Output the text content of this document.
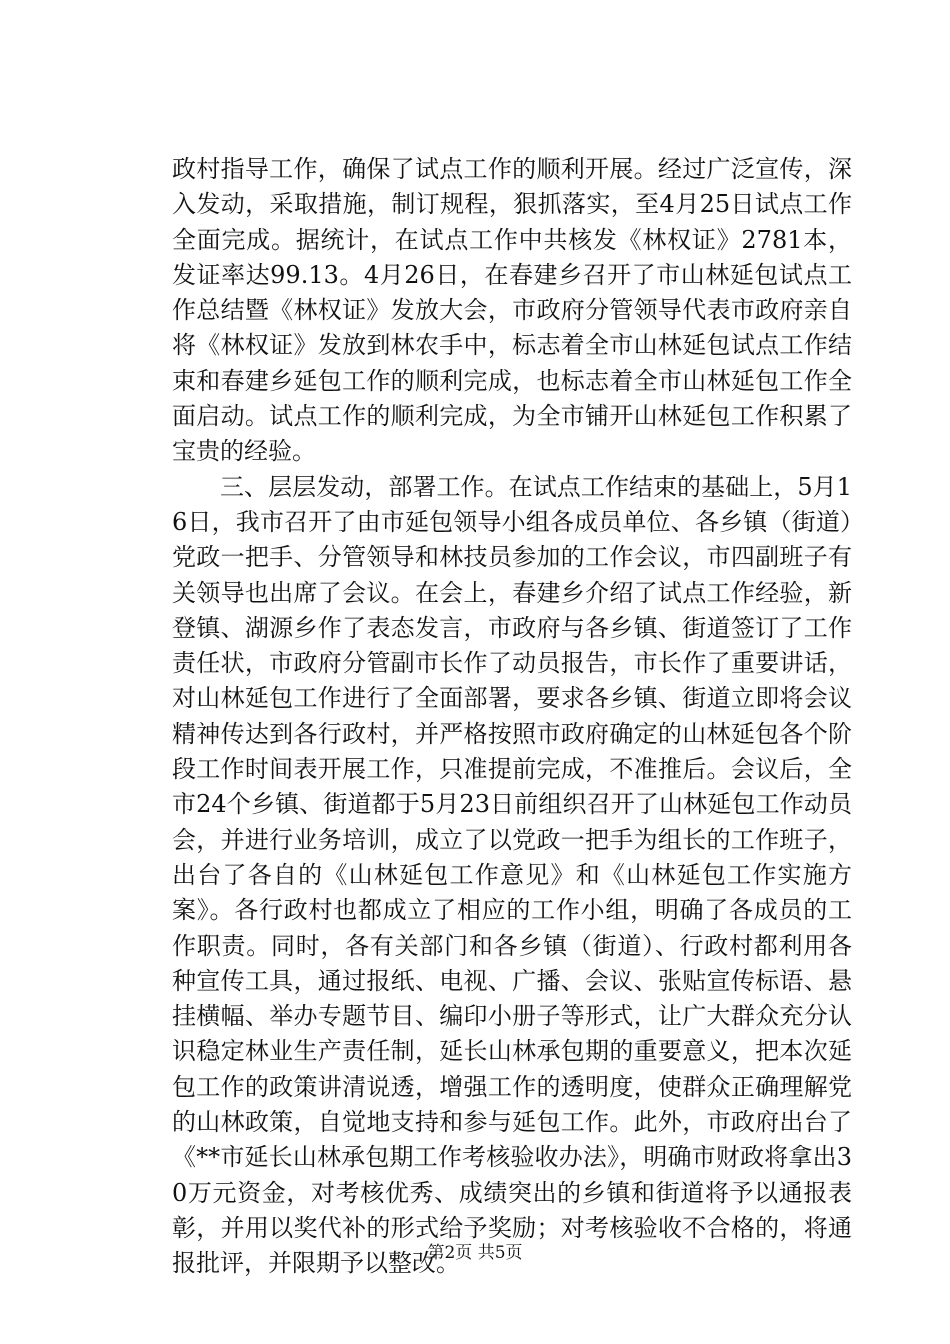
政村指导工作，确保了试点工作的顺利开展。经过广泛宣传，深入发动，采取措施，制订规程，狠抓落实，至4月25日试点工作全面完成。据统计，在试点工作中共核发《林权证》2781本，发证率达99.13。4月26日，在春建乡召开了市山林延包试点工作总结暨《林权证》发放大会，市政府分管领导代表市政府亲自将《林权证》发放到林农手中，标志着全市山林延包试点工作结束和春建乡延包工作的顺利完成，也标志着全市山林延包工作全面启动。试点工作的顺利完成，为全市铺开山林延包工作积累了宝贵的经验。

三、层层发动，部署工作。在试点工作结束的基础上，5月16日，我市召开了由市延包领导小组各成员单位、各乡镇（街道）党政一把手、分管领导和林技员参加的工作会议，市四副班子有关领导也出席了会议。在会上，春建乡介绍了试点工作经验，新登镇、湖源乡作了表态发言，市政府与各乡镇、街道签订了工作责任状，市政府分管副市长作了动员报告，市长作了重要讲话，对山林延包工作进行了全面部署，要求各乡镇、街道立即将会议精神传达到各行政村，并严格按照市政府确定的山林延包各个阶段工作时间表开展工作，只准提前完成，不准推后。会议后，全市24个乡镇、街道都于5月23日前组织召开了山林延包工作动员会，并进行业务培训，成立了以党政一把手为组长的工作班子，出台了各自的《山林延包工作意见》和《山林延包工作实施方案》。各行政村也都成立了相应的工作小组，明确了各成员的工作职责。同时，各有关部门和各乡镇（街道）、行政村都利用各种宣传工具，通过报纸、电视、广播、会议、张贴宣传标语、悬挂横幅、举办专题节目、编印小册子等形式，让广大群众充分认识稳定林业生产责任制，延长山林承包期的重要意义，把本次延包工作的政策讲清说透，增强工作的透明度，使群众正确理解党的山林政策，自觉地支持和参与延包工作。此外，市政府出台了《**市延长山林承包期工作考核验收办法》，明确市财政将拿出30万元资金，对考核优秀、成绩突出的乡镇和街道将予以通报表彰，并用以奖代补的形式给予奖励；对考核验收不合格的，将通报批评，并限期予以整改。

第2页 共5页
